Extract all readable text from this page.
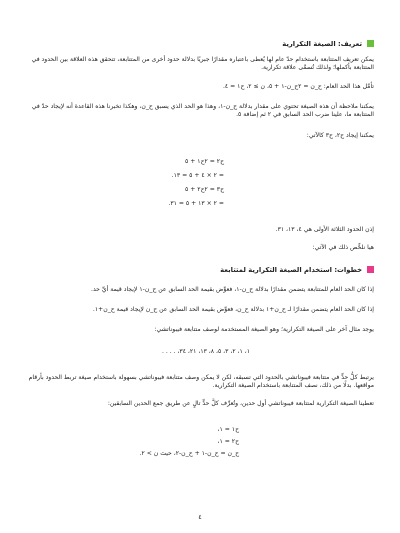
تعريف: الصيغة التكرارية
يمكن تعريف المتتابعة باستخدام حدّ عام لها يُعطى باعتباره مقدارًا جبريًا بدلالة حدود أخرى من المتتابعة، تتحقق هذه العلاقة بين الحدود في المتتابعة بأكملها؛ ولذلك تُسمَّى علاقة تكرارية.
تأمَّل هذا الحد العام: ح_ن = ٢ح_ن-١ + ٥، ن ≥ ٢، ح١ = ٤.
يمكننا ملاحظة أن هذه الصيغة تحتوي على مقدار بدلالة ح_ن-١، وهذا هو الحد الذي يسبق ح_ن، وهكذا تخبرنا هذه القاعدة أنه لإيجاد حدّ في المتتابعة ما، علينا ضرب الحد السابق في ٢ ثم إضافة ٥.
يمكننا إيجاد ح٢، ح٣ كالآتي:
ح٢ = ٢ح١ + ٥
= ٢ × ٤ + ٥ = ١٣.
ح٣ = ٢ح٢ + ٥
= ٢ × ١٣ + ٥ = ٣١.
إذن الحدود الثلاثة الأولى هي ٤، ١٣، ٣١.
هيا نلخِّص ذلك في الآتي:
خطوات: استخدام الصيغة التكرارية لمتتابعة
إذا كان الحد العام للمتتابعة يتضمن مقدارًا بدلالة ح_ن-١، فعوِّض بقيمة الحد السابق عن ح_ن-١ لإيجاد قيمة أيِّ حد.
إذا كان الحد العام يتضمن مقدارًا لـ ح_ن+١ بدلالة ح_ن، فعوِّض بقيمة الحد السابق عن ح_ن لإيجاد قيمة ح_ن+١.
يوجد مثال آخر على الصيغة التكرارية؛ وهو الصيغة المستخدمة لوصف متتابعة فيبوناتشي:
١، ١، ٢، ٣، ٥، ٨، ١٣، ٢١، ٣٤، . . . .
يرتبط كلُّ حدٍّ في متتابعة فيبوناتشي بالحدود التي تسبقه، لكن لا يمكن وصف متتابعة فيبوناتشي بسهولة باستخدام صيغة تربط الحدود بأرقام مواقعها. بدلًا من ذلك، نصف المتتابعة باستخدام الصيغة التكرارية.
تعطينا الصيغة التكرارية لمتتابعة فيبوناتشي أول حدين، وتُعرِّف كلَّ حدٍّ تالٍ عن طريق جمع الحدين السابقين:
ح١ = ١،
ح٢ = ١،
ح_ن = ح_ن-١ + ح_ن-٢، حيث ن > ٢.
٤
